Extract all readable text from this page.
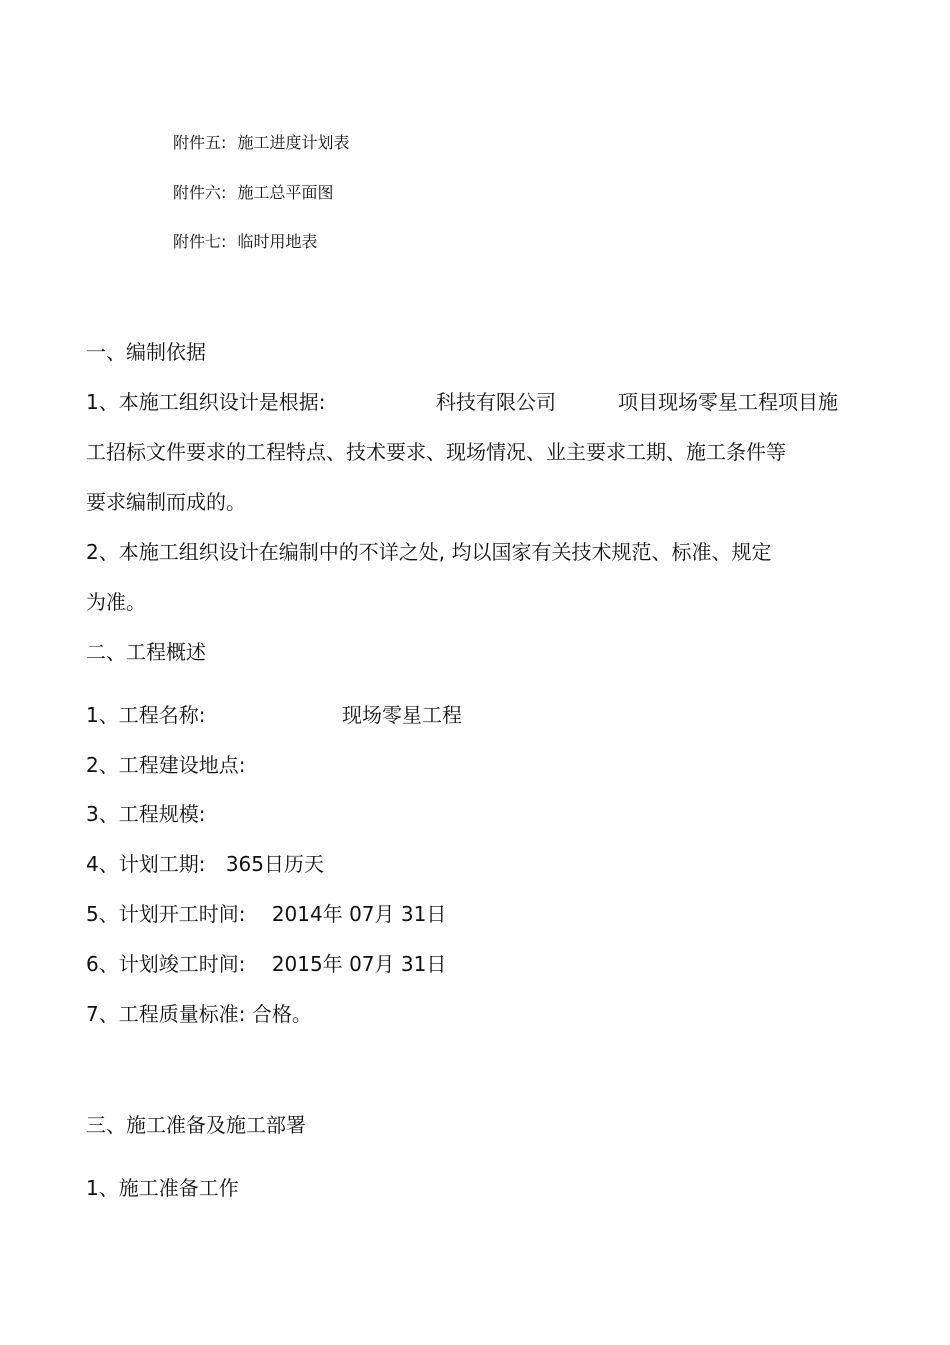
附件五: 施工进度计划表
附件六: 施工总平面图
附件七: 临时用地表
一、编制依据
1、本施工组织设计是根据:	科技有限公司	项目现场零星工程项目施
工招标文件要求的工程特点、技术要求、现场情况、业主要求工期、施工条件等
要求编制而成的。
2、本施工组织设计在编制中的不详之处, 均以国家有关技术规范、标准、规定
为准。
二、工程概述
1、工程名称:	现场零星工程
2、工程建设地点:
3、工程规模:
4、计划工期: 365日历天
5、计划开工时间: 2014年 07月 31日
6、计划竣工时间: 2015年 07月 31日
7、工程质量标准: 合格。
三、施工准备及施工部署
1、施工准备工作
